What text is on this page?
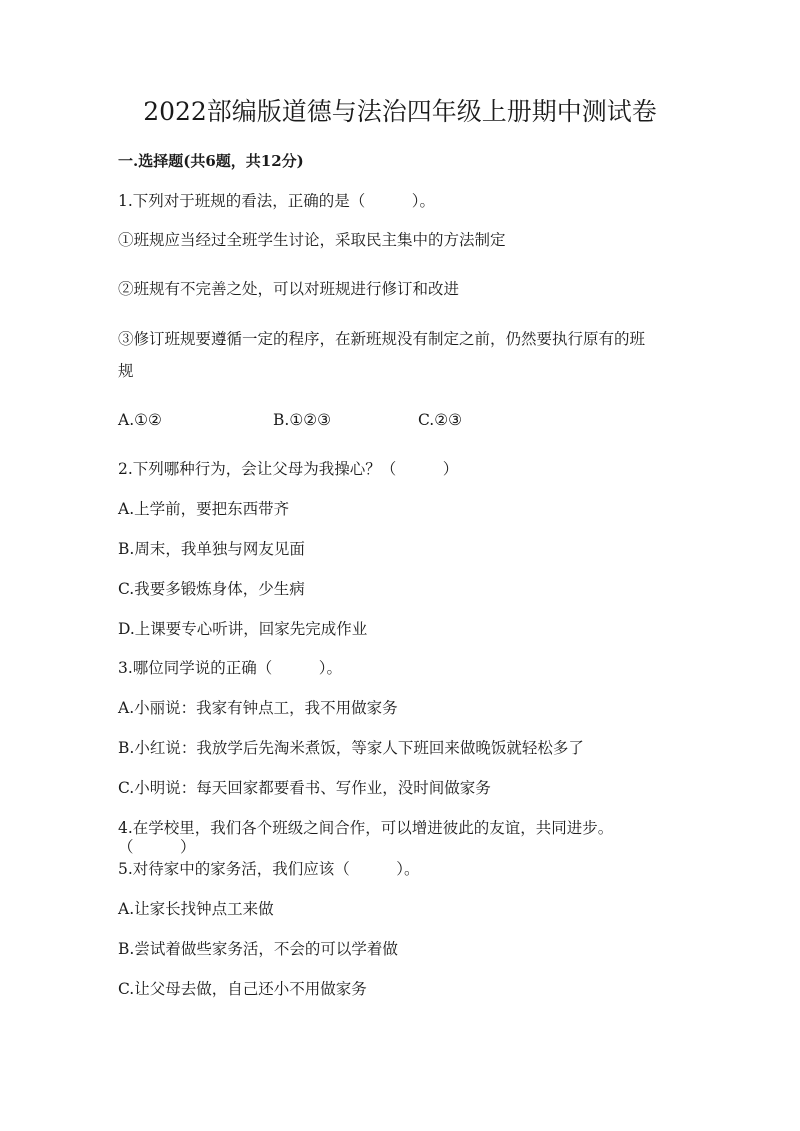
2022部编版道德与法治四年级上册期中测试卷

一.选择题(共6题，共12分)

1.下列对于班规的看法，正确的是（　　　）。

①班规应当经过全班学生讨论，采取民主集中的方法制定

②班规有不完善之处，可以对班规进行修订和改进

③修订班规要遵循一定的程序，在新班规没有制定之前，仍然要执行原有的班

规

A.①②	B.①②③	C.②③

2.下列哪种行为，会让父母为我操心？（　　　）

A.上学前，要把东西带齐

B.周末，我单独与网友见面

C.我要多锻炼身体，少生病

D.上课要专心听讲，回家先完成作业

3.哪位同学说的正确（　　　）。

A.小丽说：我家有钟点工，我不用做家务

B.小红说：我放学后先淘米煮饭，等家人下班回来做晚饭就轻松多了

C.小明说：每天回家都要看书、写作业，没时间做家务

4.在学校里，我们各个班级之间合作，可以增进彼此的友谊，共同进步。

（　　　）

5.对待家中的家务活，我们应该（　　　）。

A.让家长找钟点工来做

B.尝试着做些家务活，不会的可以学着做

C.让父母去做，自己还小不用做家务
